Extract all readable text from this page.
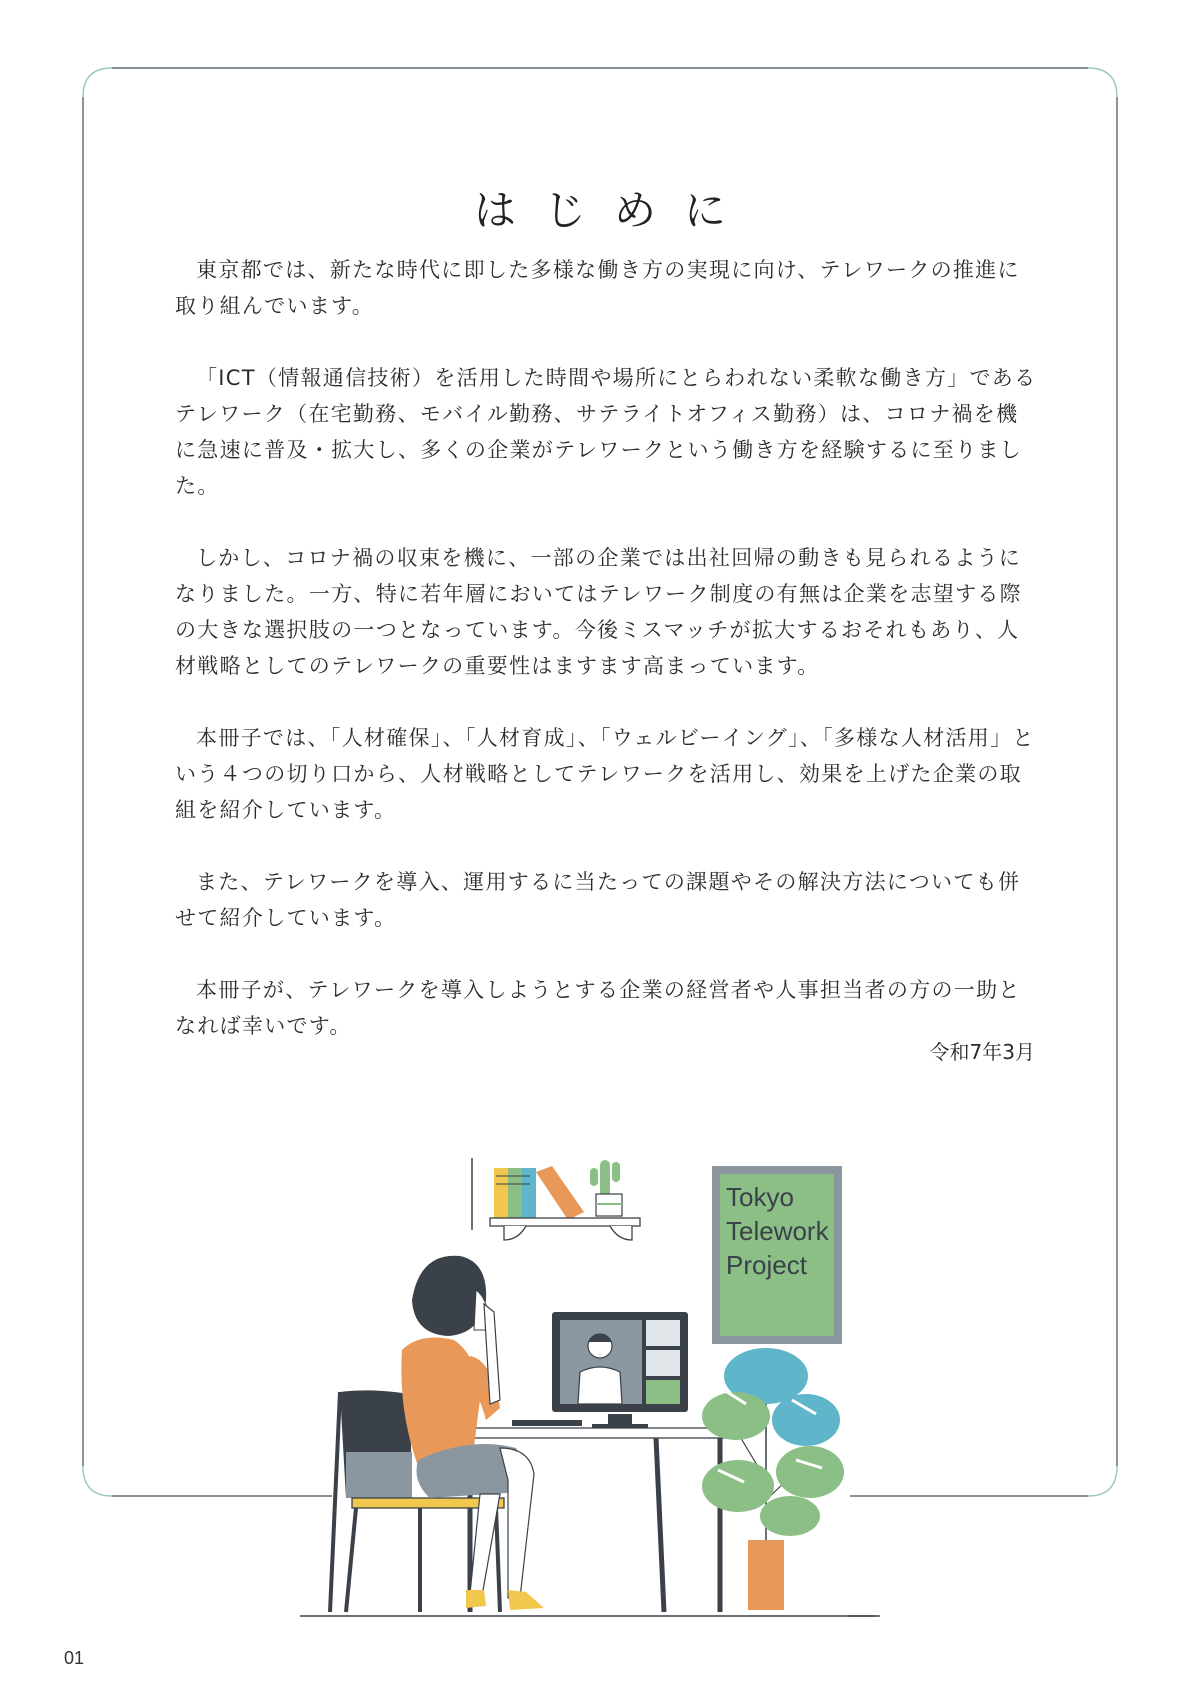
はじめに

東京都では、新たな時代に即した多様な働き方の実現に向け、テレワークの推進に取り組んでいます。

「ICT（情報通信技術）を活用した時間や場所にとらわれない柔軟な働き方」であるテレワーク（在宅勤務、モバイル勤務、サテライトオフィス勤務）は、コロナ禍を機に急速に普及・拡大し、多くの企業がテレワークという働き方を経験するに至りました。

しかし、コロナ禍の収束を機に、一部の企業では出社回帰の動きも見られるようになりました。一方、特に若年層においてはテレワーク制度の有無は企業を志望する際の大きな選択肢の一つとなっています。今後ミスマッチが拡大するおそれもあり、人材戦略としてのテレワークの重要性はますます高まっています。

本冊子では、「人材確保」、「人材育成」、「ウェルビーイング」、「多様な人材活用」という４つの切り口から、人材戦略としてテレワークを活用し、効果を上げた企業の取組を紹介しています。

また、テレワークを導入、運用するに当たっての課題やその解決方法についても併せて紹介しています。

本冊子が、テレワークを導入しようとする企業の経営者や人事担当者の方の一助となれば幸いです。

令和7年3月
Tokyo
Telework
Project
01
